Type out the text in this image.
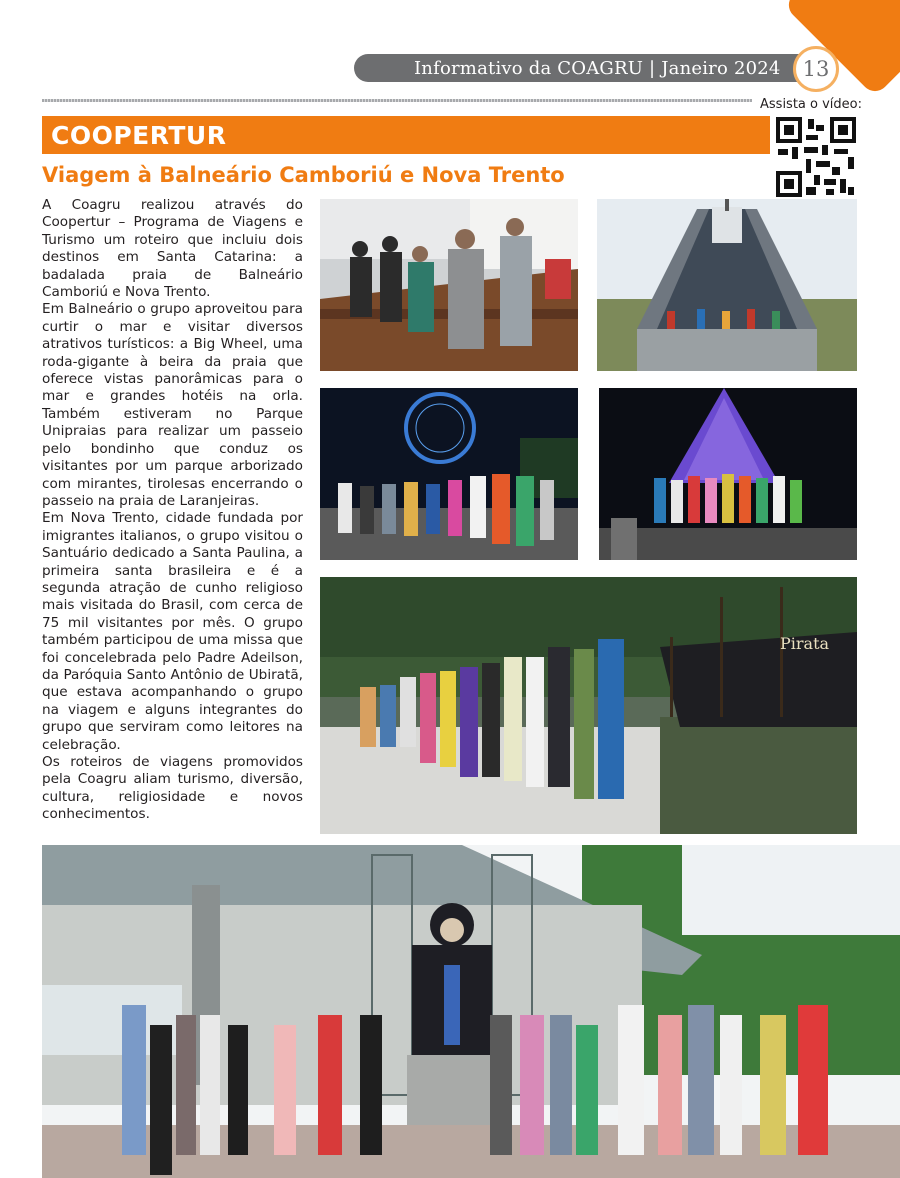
Informativo da COAGRU | Janeiro 2024	13
Assista o vídeo:
COOPERTUR
Viagem à Balneário Camboriú e Nova Trento

A Coagru realizou através do Coopertur – Programa de Viagens e Turismo um roteiro que incluiu dois destinos em Santa Catarina: a badalada praia de Balneário Camboriú e Nova Trento.

Em Balneário o grupo aproveitou para curtir o mar e visitar diversos atrativos turísticos: a Big Wheel, uma roda-gigante à beira da praia que oferece vistas panorâmicas para o mar e grandes hotéis na orla. Também estiveram no Parque Unipraias para realizar um passeio pelo bondinho que conduz os visitantes por um parque arborizado com mirantes, tirolesas encerrando o passeio na praia de Laranjeiras.

Em Nova Trento, cidade fundada por imigrantes italianos, o grupo visitou o Santuário dedicado a Santa Paulina, a primeira santa brasileira e é a segunda atração de cunho religioso mais visitada do Brasil, com cerca de 75 mil visitantes por mês. O grupo também participou de uma missa que foi concelebrada pelo Padre Adeilson, da Paróquia Santo Antônio de Ubiratã, que estava acompanhando o grupo na viagem e alguns integrantes do grupo que serviram como leitores na celebração.

Os roteiros de viagens promovidos pela Coagru aliam turismo, diversão, cultura, religiosidade e novos conhecimentos.

Pirata
